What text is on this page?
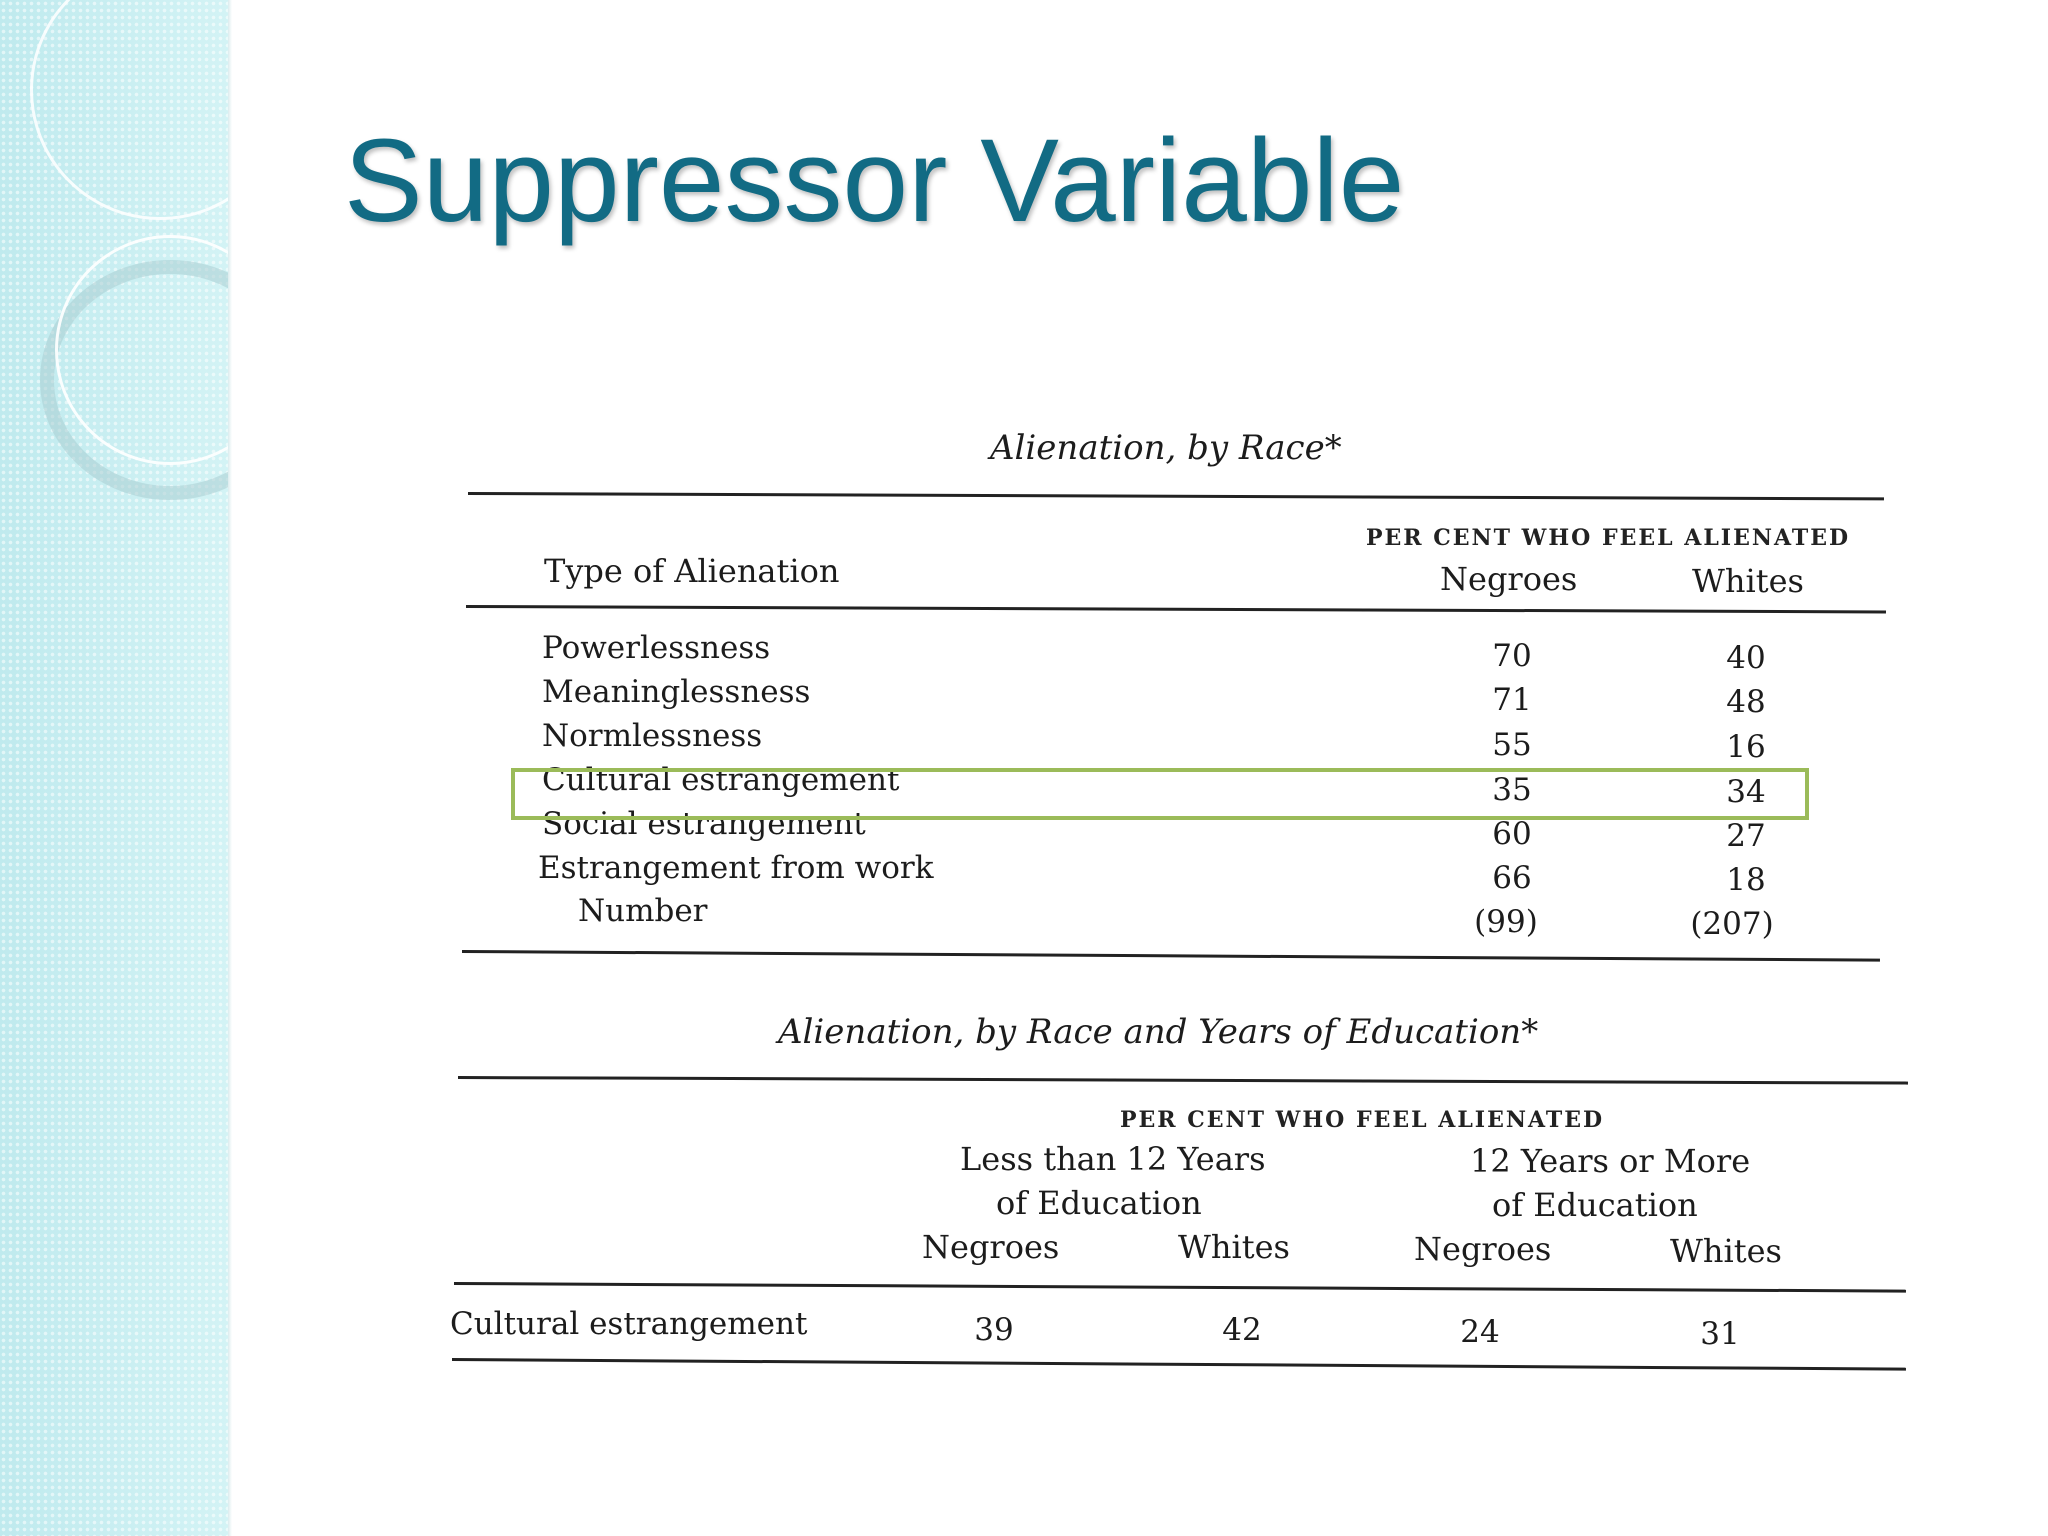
Suppressor Variable
Alienation, by Race*
PER CENT WHO FEEL ALIENATED
Type of Alienation	Negroes	Whites
Powerlessness	70	40
Meaninglessness	71	48
Normlessness	55	16
Cultural estrangement	35	34
Social estrangement	60	27
Estrangement from work	66	18
Number	(99)	(207)
Alienation, by Race and Years of Education*
PER CENT WHO FEEL ALIENATED
Less than 12 Years
of Education
12 Years or More
of Education
Negroes	Whites	Negroes	Whites
Cultural estrangement	39	42	24	31
